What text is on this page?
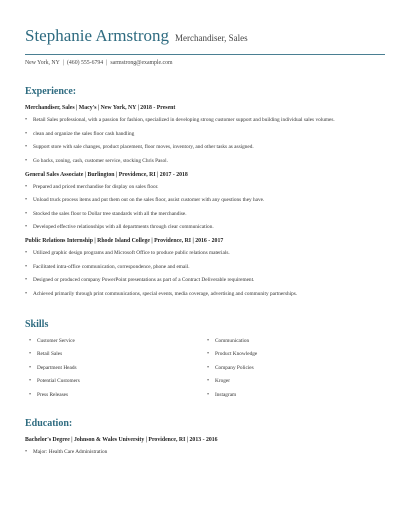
Stephanie Armstrong Merchandiser, Sales
New York, NY | (460) 555-6794 | sarmstrong@example.com
Experience:
Merchandiser, Sales | Macy's | New York, NY | 2018 - Present
• Retail Sales professional, with a passion for fashion, specialized in developing strong customer support and building individual sales volumes.
• clean and organize the sales floor cash handling
• Support store with sale changes, product placement, floor moves, inventory, and other tasks as assigned.
• Go backs, zoning, cash, customer service, stocking Chris Pasol.
General Sales Associate | Burlington | Providence, RI | 2017 - 2018
• Prepared and priced merchandise for display on sales floor.
• Unload truck process items and put them out on the sales floor, assist customer with any questions they have.
• Stocked the sales floor to Dollar tree standards with all the merchandise.
• Developed effective relationships with all departments through clear communication.
Public Relations Internship | Rhode Island College | Providence, RI | 2016 - 2017
• Utilized graphic design programs and Microsoft Office to produce public relations materials.
• Facilitated intra-office communication, correspondence, phone and email.
• Designed or produced company PowerPoint presentations as part of a Contract Deliverable requirement.
• Achieved primarily through print communications, special events, media coverage, advertising and community partnerships.
Skills
• Customer Service	• Communication
• Retail Sales	• Product Knowledge
• Department Heads	• Company Policies
• Potential Customers	• Kroger
• Press Releases	• Instagram
Education:
Bachelor's Degree | Johnson & Wales University | Providence, RI | 2013 - 2016
• Major: Health Care Administration
